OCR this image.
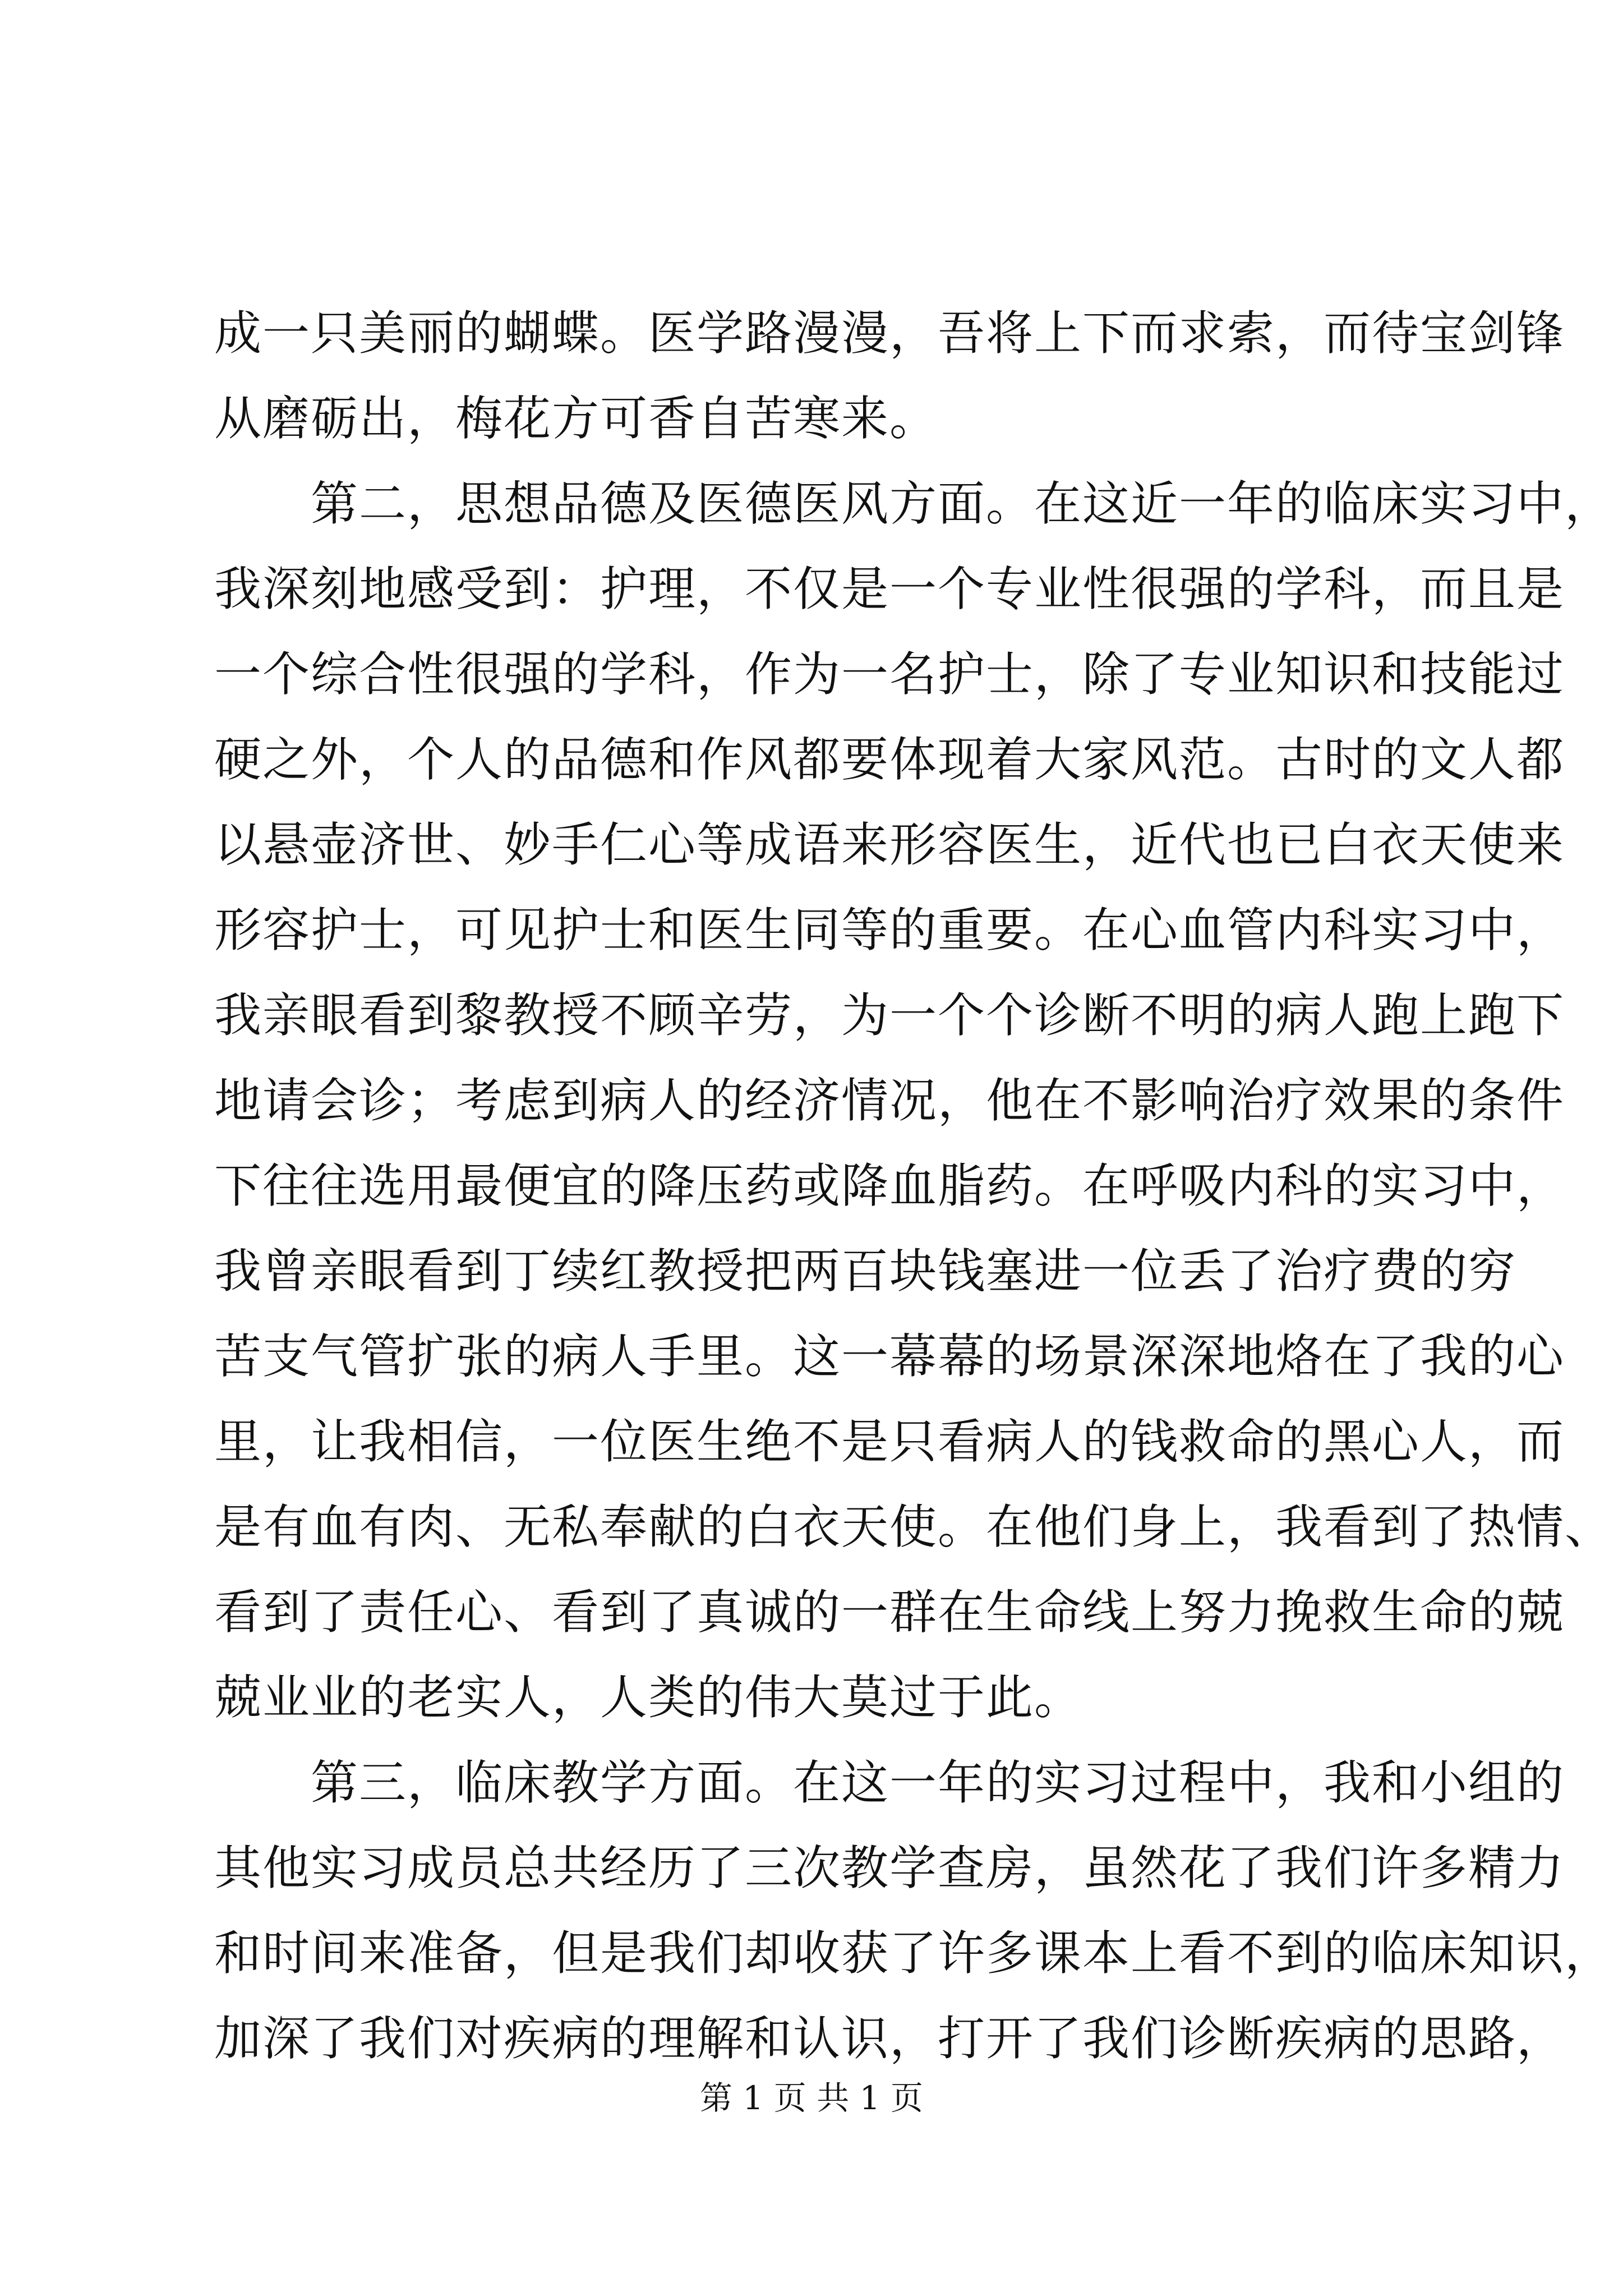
成一只美丽的蝴蝶。医学路漫漫，吾将上下而求索，而待宝剑锋
从磨砺出，梅花方可香自苦寒来。
　　第二，思想品德及医德医风方面。在这近一年的临床实习中，
我深刻地感受到：护理，不仅是一个专业性很强的学科，而且是
一个综合性很强的学科，作为一名护士，除了专业知识和技能过
硬之外，个人的品德和作风都要体现着大家风范。古时的文人都
以悬壶济世、妙手仁心等成语来形容医生，近代也已白衣天使来
形容护士，可见护士和医生同等的重要。在心血管内科实习中，
我亲眼看到黎教授不顾辛劳，为一个个诊断不明的病人跑上跑下
地请会诊；考虑到病人的经济情况，他在不影响治疗效果的条件
下往往选用最便宜的降压药或降血脂药。在呼吸内科的实习中，
我曾亲眼看到丁续红教授把两百块钱塞进一位丢了治疗费的穷
苦支气管扩张的病人手里。这一幕幕的场景深深地烙在了我的心
里，让我相信，一位医生绝不是只看病人的钱救命的黑心人，而
是有血有肉、无私奉献的白衣天使。在他们身上，我看到了热情、
看到了责任心、看到了真诚的一群在生命线上努力挽救生命的兢
兢业业的老实人，人类的伟大莫过于此。
　　第三，临床教学方面。在这一年的实习过程中，我和小组的
其他实习成员总共经历了三次教学查房，虽然花了我们许多精力
和时间来准备，但是我们却收获了许多课本上看不到的临床知识，
加深了我们对疾病的理解和认识，打开了我们诊断疾病的思路，
第 1 页 共 1 页
